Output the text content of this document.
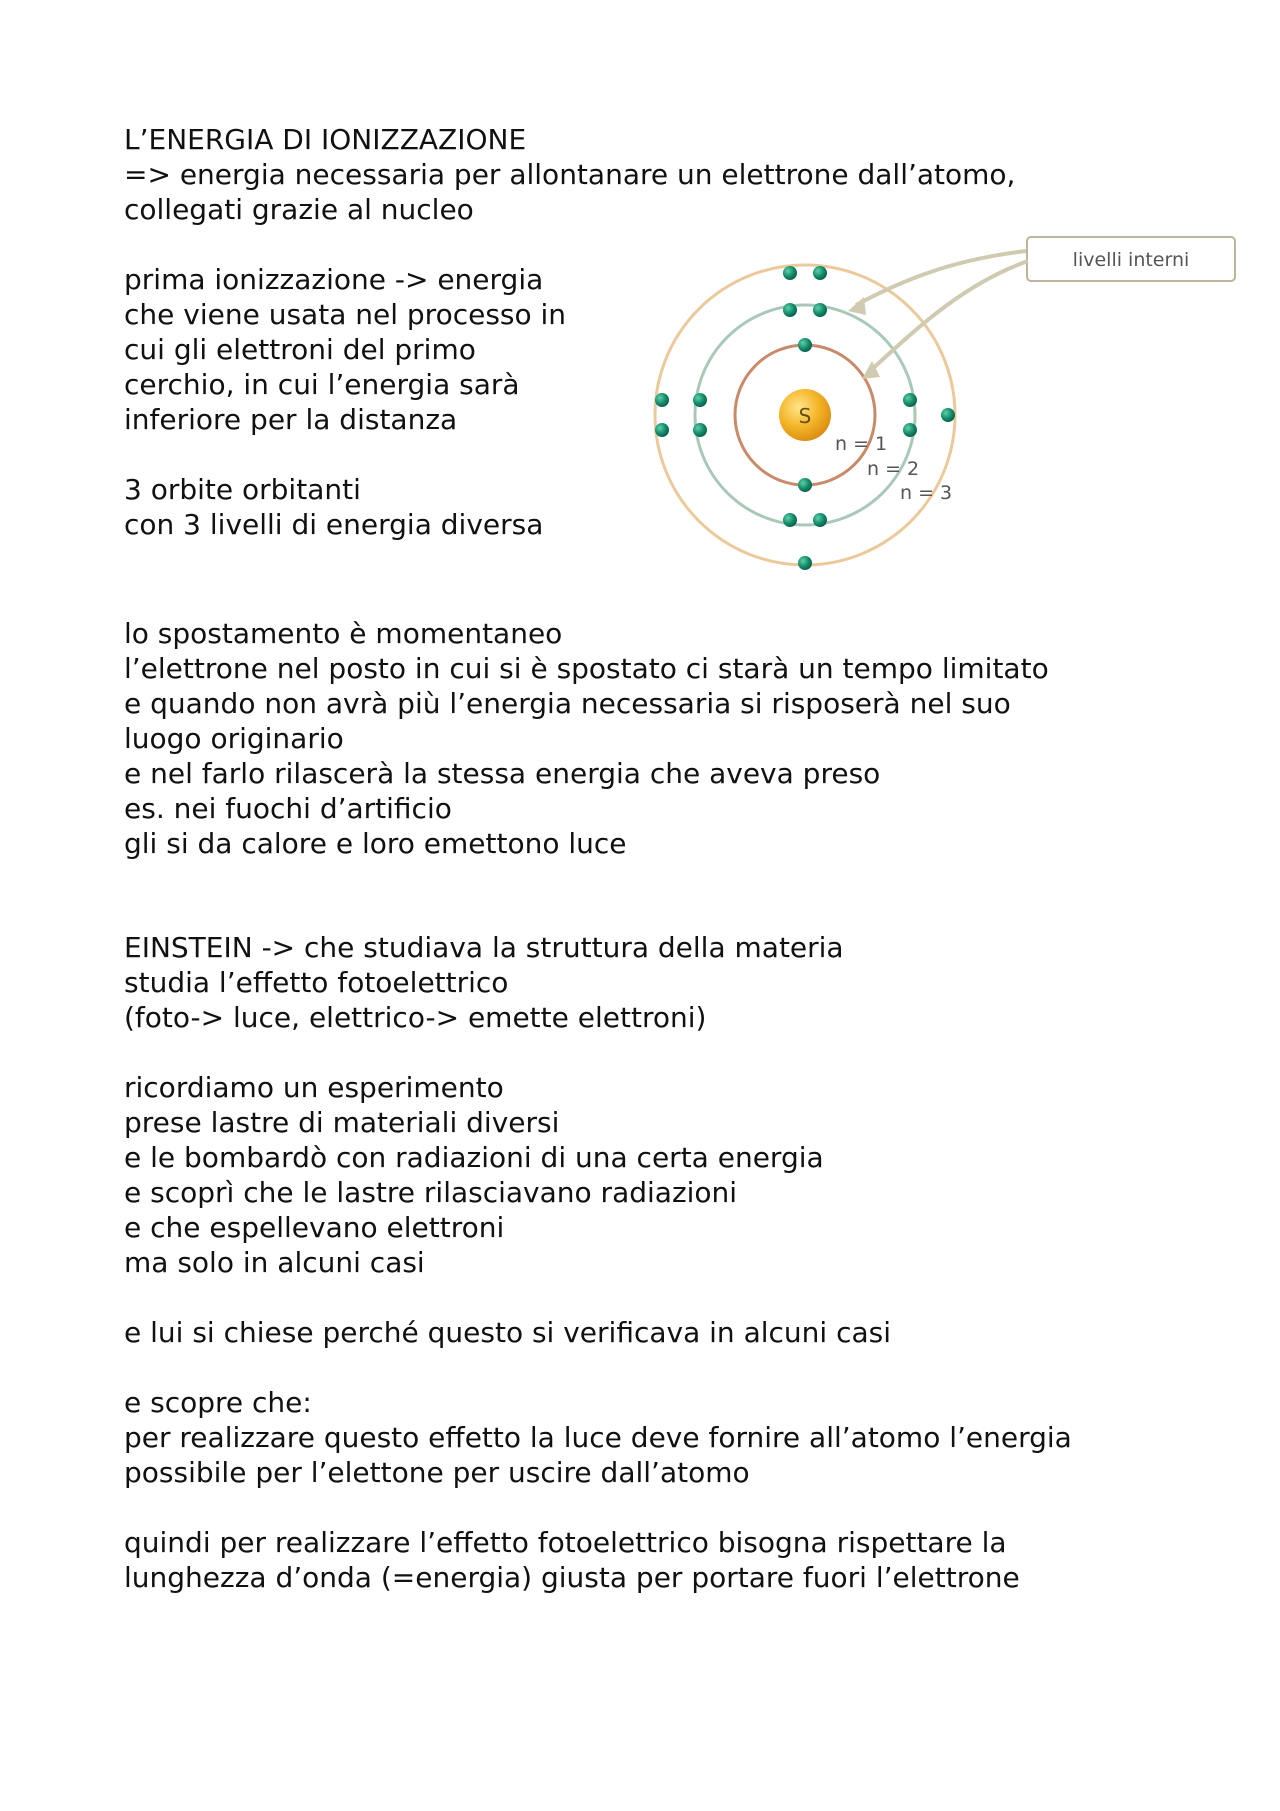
L’ENERGIA DI IONIZZAZIONE
=> energia necessaria per allontanare un elettrone dall’atomo,
collegati grazie al nucleo
prima ionizzazione -> energia
che viene usata nel processo in
cui gli elettroni del primo
cerchio, in cui l’energia sarà
inferiore per la distanza
3 orbite orbitanti
con 3 livelli di energia diversa
S
n = 1
n = 2
n = 3
livelli interni
lo spostamento è momentaneo
l’elettrone nel posto in cui si è spostato ci starà un tempo limitato
e quando non avrà più l’energia necessaria si risposerà nel suo
luogo originario
e nel farlo rilascerà la stessa energia che aveva preso
es. nei fuochi d’artificio
gli si da calore e loro emettono luce
EINSTEIN -> che studiava la struttura della materia
studia l’effetto fotoelettrico
(foto-> luce, elettrico-> emette elettroni)
ricordiamo un esperimento
prese lastre di materiali diversi
e le bombardò con radiazioni di una certa energia
e scoprì che le lastre rilasciavano radiazioni
e che espellevano elettroni
ma solo in alcuni casi
e lui si chiese perché questo si verificava in alcuni casi
e scopre che:
per realizzare questo effetto la luce deve fornire all’atomo l’energia
possibile per l’elettone per uscire dall’atomo
quindi per realizzare l’effetto fotoelettrico bisogna rispettare la
lunghezza d’onda (=energia) giusta per portare fuori l’elettrone
